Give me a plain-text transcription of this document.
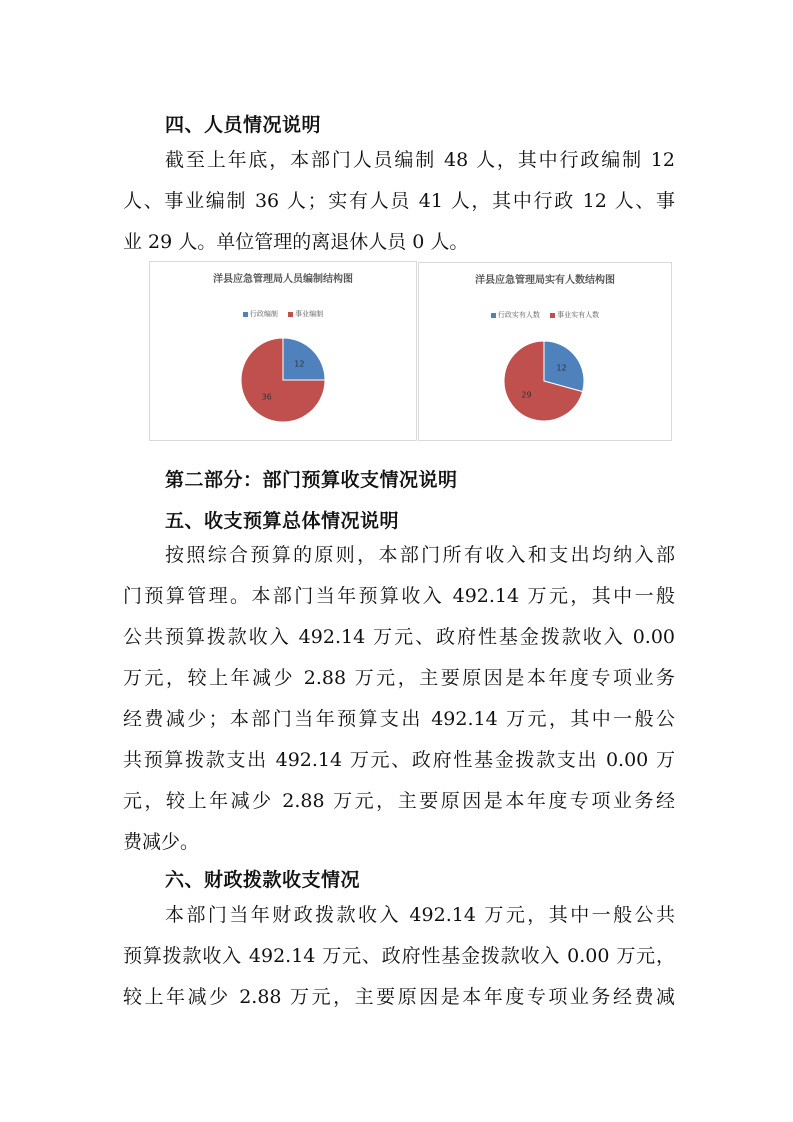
四、人员情况说明
截至上年底，本部门人员编制 48 人，其中行政编制 12
人、事业编制 36 人；实有人员 41 人，其中行政 12 人、事
业 29 人。单位管理的离退休人员 0 人。
洋县应急管理局人员编制结构图
行政编制 事业编制
12
36
洋县应急管理局实有人数结构图
行政实有人数 事业实有人数
12
29
第二部分：部门预算收支情况说明
五、收支预算总体情况说明
按照综合预算的原则，本部门所有收入和支出均纳入部
门预算管理。本部门当年预算收入 492.14 万元，其中一般
公共预算拨款收入 492.14 万元、政府性基金拨款收入 0.00
万元，较上年减少 2.88 万元，主要原因是本年度专项业务
经费减少；本部门当年预算支出 492.14 万元，其中一般公
共预算拨款支出 492.14 万元、政府性基金拨款支出 0.00 万
元，较上年减少 2.88 万元，主要原因是本年度专项业务经
费减少。
六、财政拨款收支情况
本部门当年财政拨款收入 492.14 万元，其中一般公共
预算拨款收入 492.14 万元、政府性基金拨款收入 0.00 万元，
较上年减少 2.88 万元，主要原因是本年度专项业务经费减
